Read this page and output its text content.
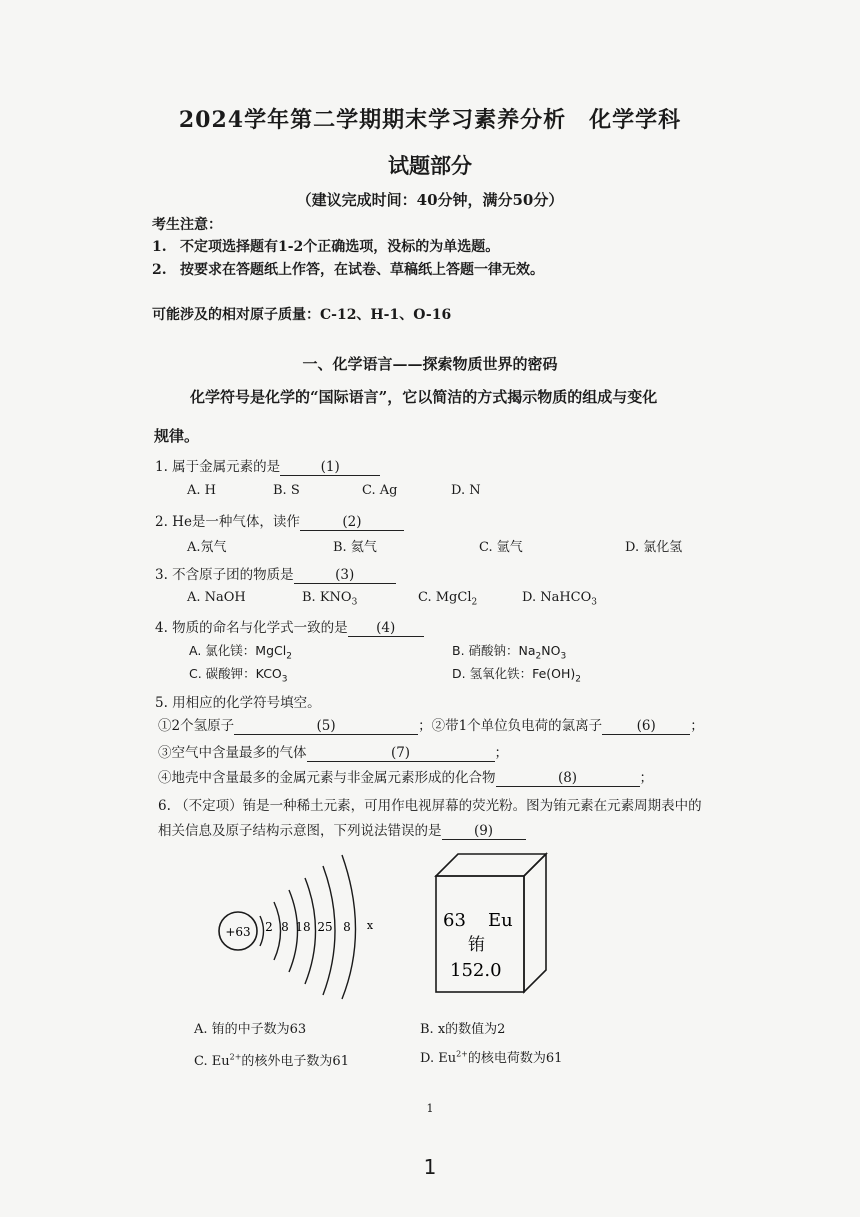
2024学年第二学期期末学习素养分析　化学学科
试题部分
（建议完成时间：40分钟，满分50分）
考生注意：
1. 不定项选择题有1-2个正确选项，没标的为单选题。
2. 按要求在答题纸上作答，在试卷、草稿纸上答题一律无效。
可能涉及的相对原子质量：C-12、H-1、O-16
一、化学语言——探索物质世界的密码
化学符号是化学的“国际语言”，它以简洁的方式揭示物质的组成与变化
规律。
1. 属于金属元素的是	(1)
A. H	B. S	C. Ag	D. N
2. He是一种气体，读作	(2)
A.氖气	B. 氦气	C. 氩气	D. 氯化氢
3. 不含原子团的物质是	(3)
A. NaOH	B. $KNO_3$	C. MgCl$_2$	D. NaHCO$_3$
4. 物质的命名与化学式一致的是 (4)
A. 氯化镁：MgCl$_2$	B. 硝酸钠：$Na_2NO_3$
C. 碳酸钾：$KCO_3$	D. 氢氧化铁：$Fe(OH)_2$
5. 用相应的化学符号填空。
①2个氢原子	(5)	；②带1个单位负电荷的氯离子	(6)	；
③空气中含量最多的气体	(7)	；
④地壳中含量最多的金属元素与非金属元素形成的化合物	(8)	；
6. （不定项）铕是一种稀土元素，可用作电视屏幕的荧光粉。图为铕元素在元素周期表中的
相关信息及原子结构示意图，下列说法错误的是 (9)
+63 2 8 18 25 8 x	63 Eu
铕
152.0
A. 铕的中子数为63	B. x的数值为2
C. $Eu^{2+}$的核外电子数为61	D. $Eu^{2+}$的核电荷数为61
1
1
